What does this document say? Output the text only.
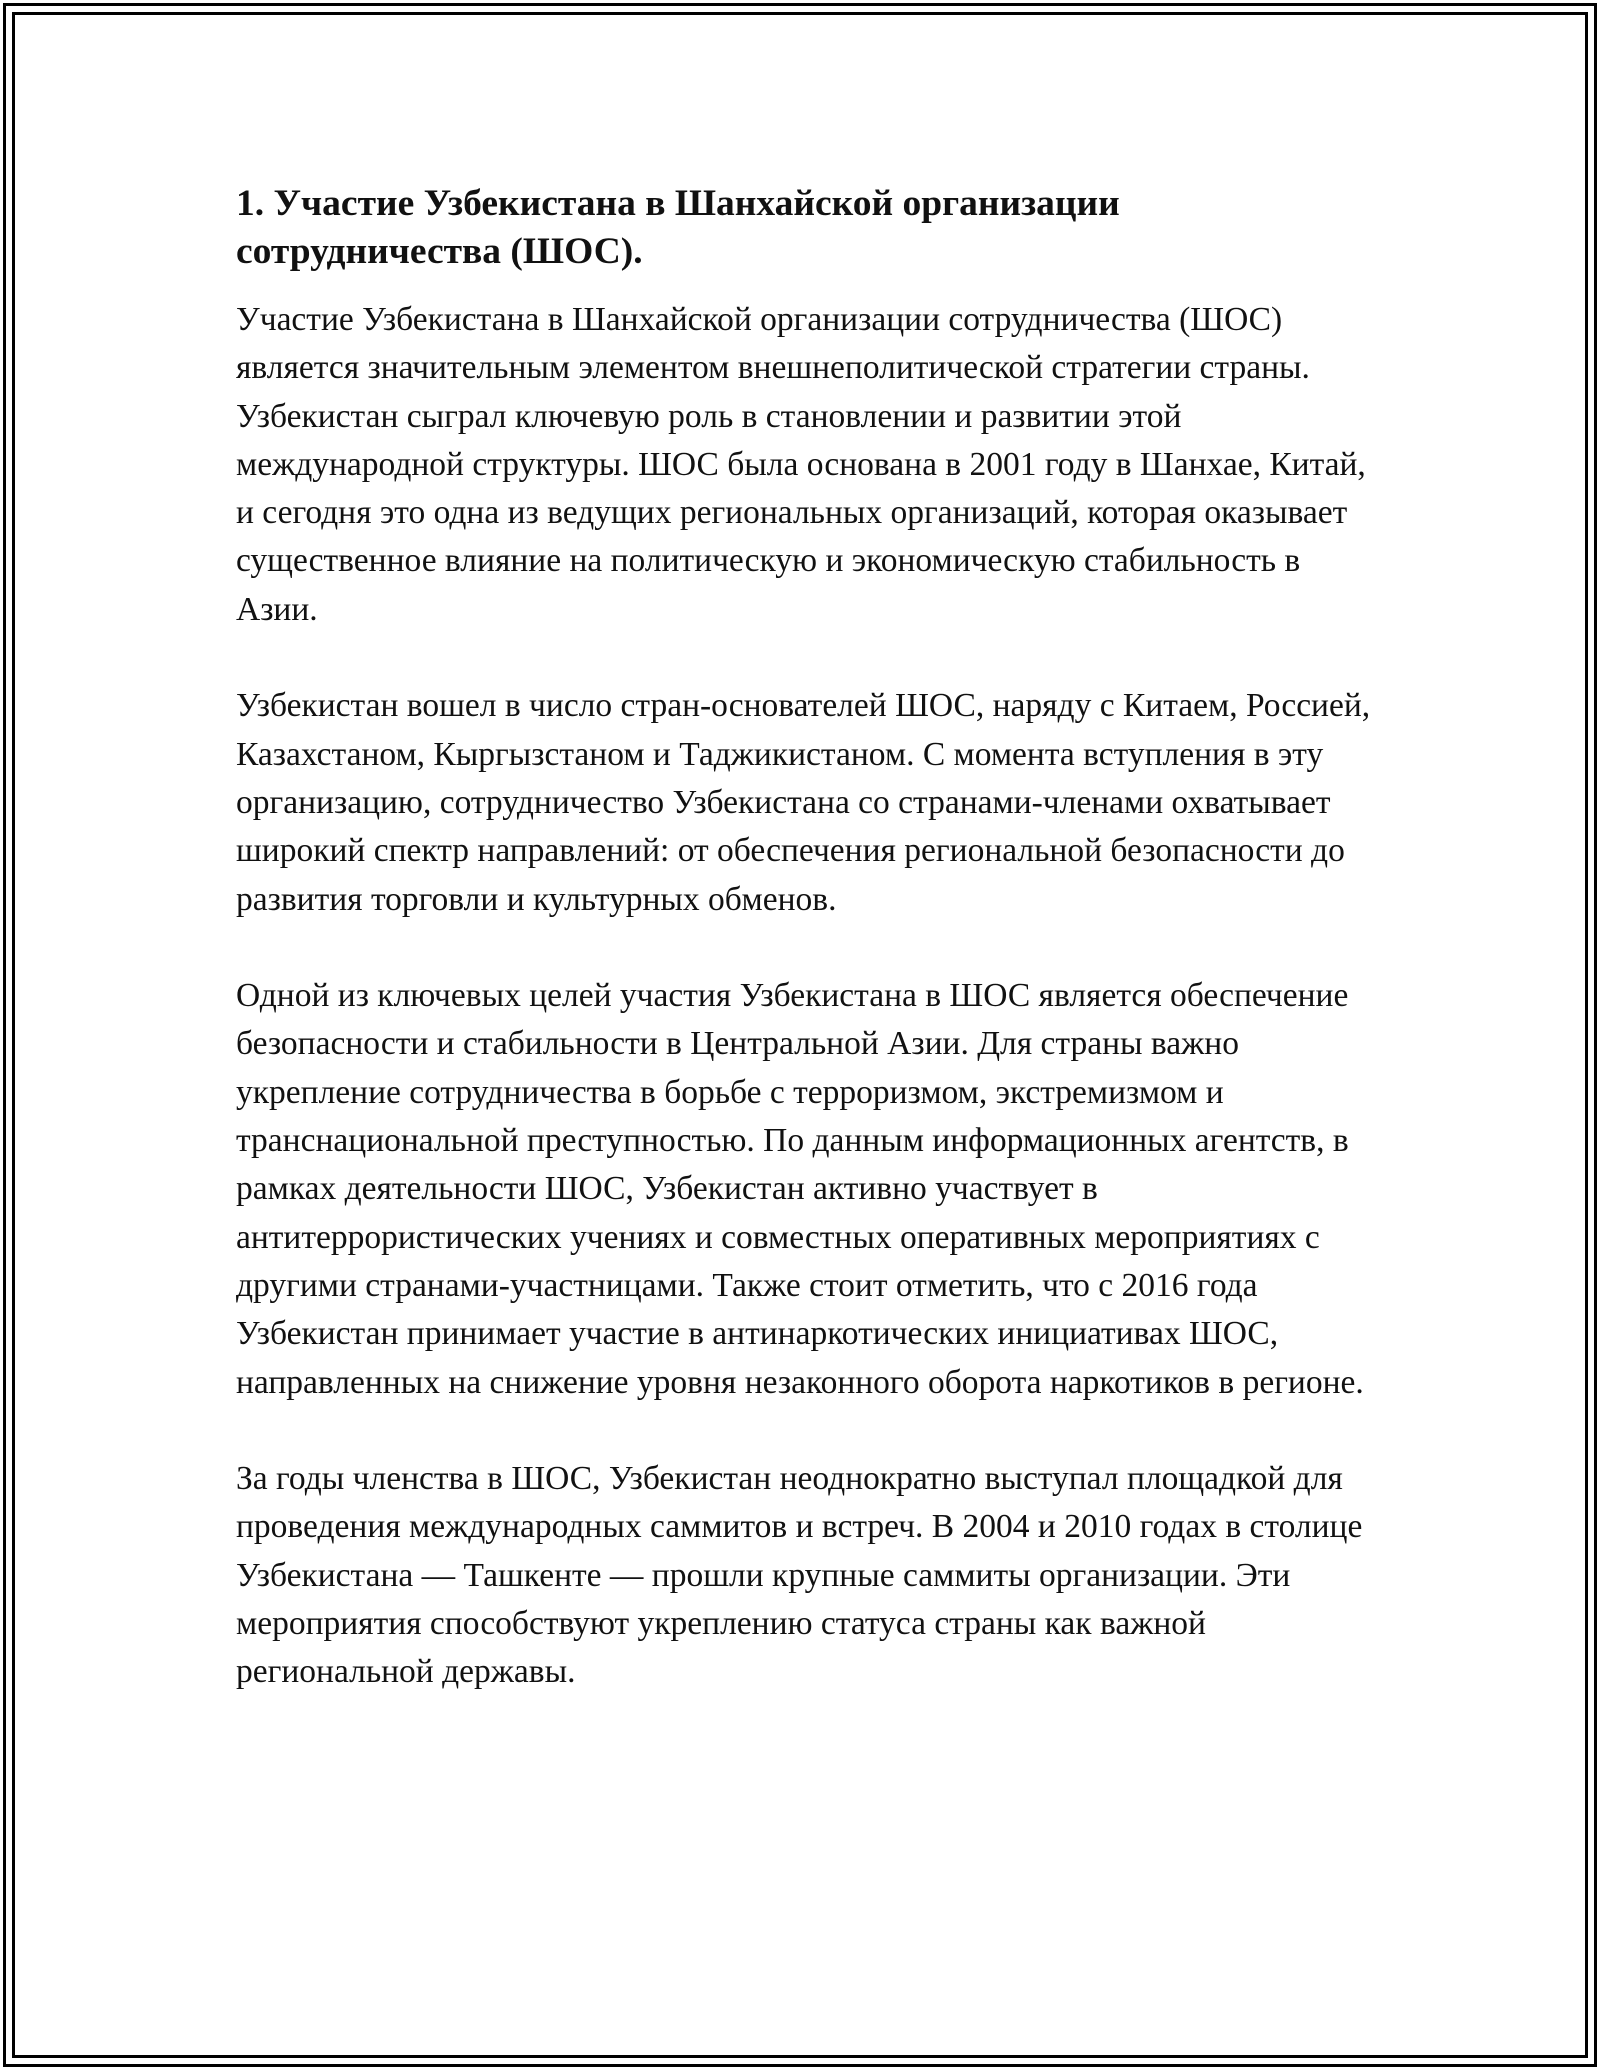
1. Участие Узбекистана в Шанхайской организации сотрудничества (ШОС).

Участие Узбекистана в Шанхайской организации сотрудничества (ШОС) является значительным элементом внешнеполитической стратегии страны. Узбекистан сыграл ключевую роль в становлении и развитии этой международной структуры. ШОС была основана в 2001 году в Шанхае, Китай, и сегодня это одна из ведущих региональных организаций, которая оказывает существенное влияние на политическую и экономическую стабильность в Азии.

Узбекистан вошел в число стран-основателей ШОС, наряду с Китаем, Россией, Казахстаном, Кыргызстаном и Таджикистаном. С момента вступления в эту организацию, сотрудничество Узбекистана со странами-членами охватывает широкий спектр направлений: от обеспечения региональной безопасности до развития торговли и культурных обменов.

Одной из ключевых целей участия Узбекистана в ШОС является обеспечение безопасности и стабильности в Центральной Азии. Для страны важно укрепление сотрудничества в борьбе с терроризмом, экстремизмом и транснациональной преступностью. По данным информационных агентств, в рамках деятельности ШОС, Узбекистан активно участвует в антитеррористических учениях и совместных оперативных мероприятиях с другими странами-участницами. Также стоит отметить, что с 2016 года Узбекистан принимает участие в антинаркотических инициативах ШОС, направленных на снижение уровня незаконного оборота наркотиков в регионе.

За годы членства в ШОС, Узбекистан неоднократно выступал площадкой для проведения международных саммитов и встреч. В 2004 и 2010 годах в столице Узбекистана — Ташкенте — прошли крупные саммиты организации. Эти мероприятия способствуют укреплению статуса страны как важной региональной державы.
